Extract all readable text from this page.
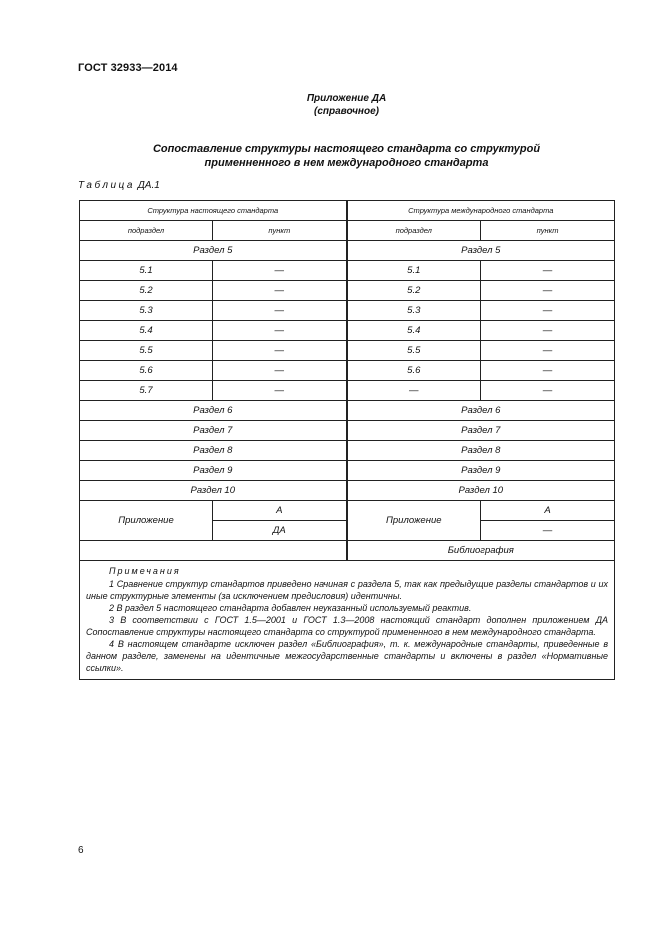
ГОСТ 32933—2014
Приложение ДА
(справочное)
Сопоставление структуры настоящего стандарта со структурой
применненного в нем международного стандарта
Таблица ДА.1
Структура настоящего стандарта		Структура международного стандарта	
подраздел	пункт	подраздел	пункт
Раздел 5		Раздел 5	
5.1	—	5.1	—
5.2	—	5.2	—
5.3	—	5.3	—
5.4	—	5.4	—
5.5	—	5.5	—
5.6	—	5.6	—
5.7	—	—	—
Раздел 6		Раздел 6	
Раздел 7		Раздел 7	
Раздел 8		Раздел 8	
Раздел 9		Раздел 9	
Раздел 10		Раздел 10	
Приложение	А	Приложение	А
	ДА		—
		Библиография	

Примечания
1 Сравнение структур стандартов приведено начиная с раздела 5, так как предыдущие разделы стандартов и их иные структурные элементы (за исключением предисловия) идентичны.
2 В раздел 5 настоящего стандарта добавлен неуказанный используемый реактив.
3 В соответствии с ГОСТ 1.5—2001 и ГОСТ 1.3—2008 настоящий стандарт дополнен приложением ДА Сопоставление структуры настоящего стандарта со структурой примененного в нем международного стандарта.
4 В настоящем стандарте исключен раздел «Библиография», т. к. международные стандарты, приведенные в данном разделе, заменены на идентичные межгосударственные стандарты и включены в раздел «Нормативные ссылки».			
6
